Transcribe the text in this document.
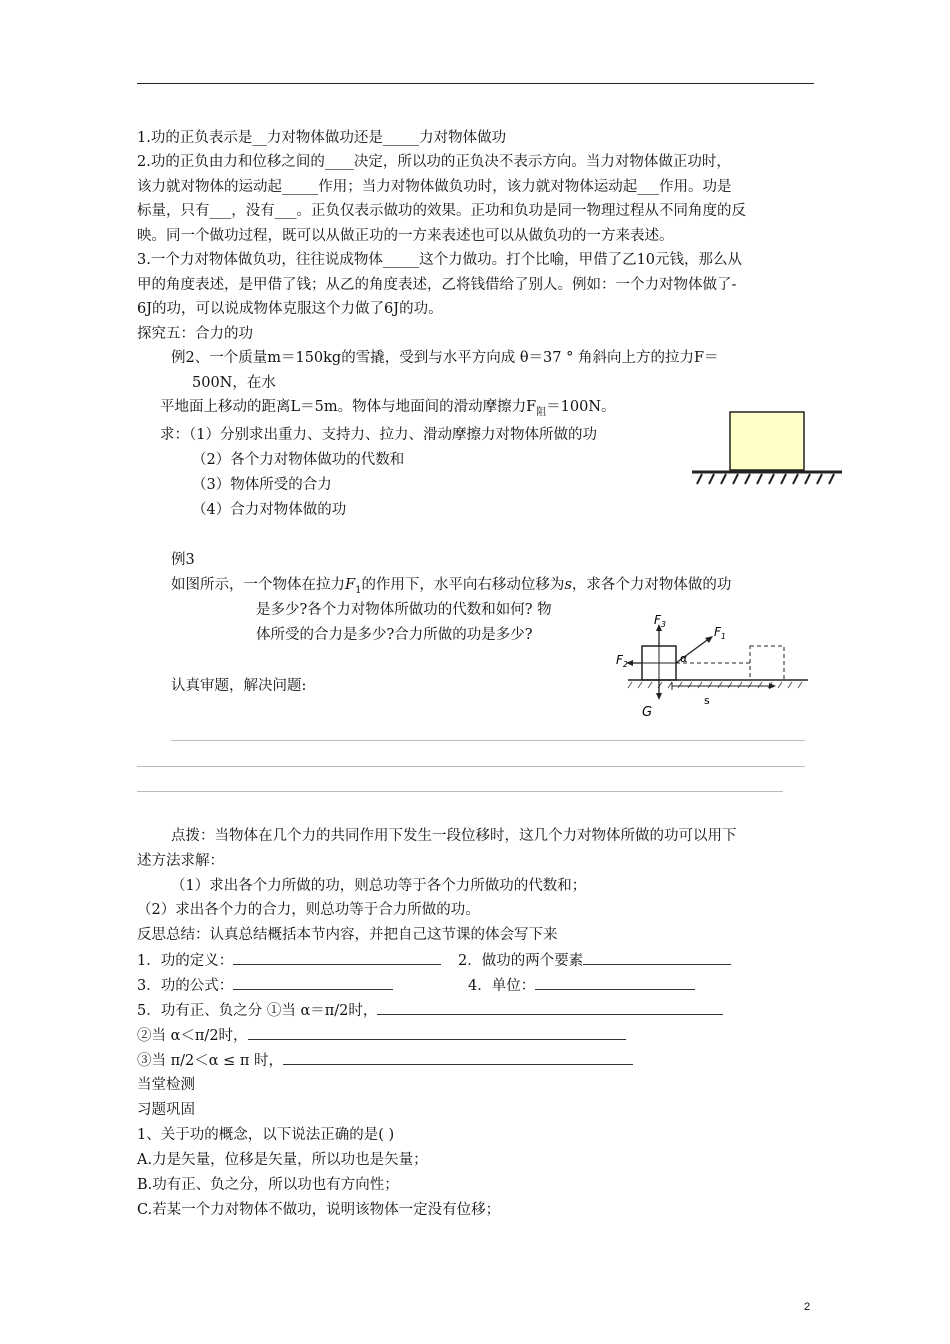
1.功的正负表示是__力对物体做功还是_____力对物体做功
2.功的正负由力和位移之间的____决定，所以功的正负决不表示方向。当力对物体做正功时，
该力就对物体的运动起_____作用；当力对物体做负功时，该力就对物体运动起___作用。功是
标量，只有___，没有___。正负仅表示做功的效果。正功和负功是同一物理过程从不同角度的反
映。同一个做功过程，既可以从做正功的一方来表述也可以从做负功的一方来表述。
3.一个力对物体做负功，往往说成物体_____这个力做功。打个比喻，甲借了乙10元钱，那么从
甲的角度表述，是甲借了钱；从乙的角度表述，乙将钱借给了别人。例如：一个力对物体做了-
6J的功，可以说成物体克服这个力做了6J的功。
探究五：合力的功
例2、一个质量m＝150kg的雪撬，受到与水平方向成 θ＝37 ° 角斜向上方的拉力F＝
500N，在水
平地面上移动的距离L＝5m。物体与地面间的滑动摩擦力$F_阻=100N$。
求：（1）分别求出重力、支持力、拉力、滑动摩擦力对物体所做的功
（2）各个力对物体做功的代数和
（3）物体所受的合力
（4）合力对物体做的功
例3
如图所示，一个物体在拉力$F_1$的作用下，水平向右移动位移为s，求各个力对物体做的功
是多少?各个力对物体所做功的代数和如何? 物
体所受的合力是多少?合力所做的功是多少?
认真审题，解决问题:
$F_3$
$F_1$
$F_2$	α
G
s
点拨：当物体在几个力的共同作用下发生一段位移时，这几个力对物体所做的功可以用下
述方法求解：
（1）求出各个力所做的功，则总功等于各个力所做功的代数和；
（2）求出各个力的合力，则总功等于合力所做的功。
反思总结：认真总结概括本节内容，并把自己这节课的体会写下来
1．功的定义：	2．做功的两个要素
3．功的公式：	4．单位：
5．功有正、负之分 ①当 α＝π/2时，
②当 α＜π/2时，
③当 π/2＜α ≤ π 时，
当堂检测
习题巩固
1、关于功的概念，以下说法正确的是( )
A.力是矢量，位移是矢量，所以功也是矢量；
B.功有正、负之分，所以功也有方向性；
C.若某一个力对物体不做功，说明该物体一定没有位移；
2
